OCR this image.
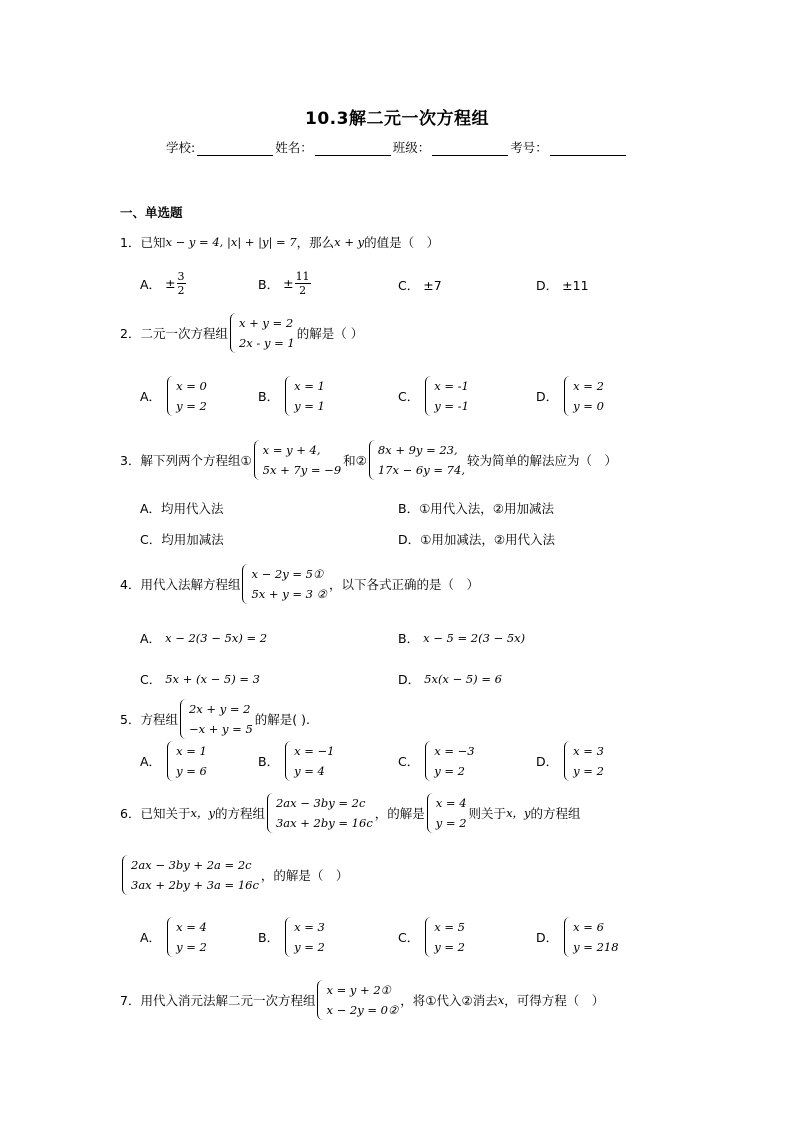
10.3解二元一次方程组
学校:	姓名：	班级：	考号：
一、单选题
1．已知 x − y = 4, |x| + |y| = 7 ，那么 x + y 的值是（　）
A． ± $\frac{3}{2}$	B． ± $\frac{11}{2}$	C． ±7	D． ±11
2．二元一次方程组
x + y = 2
2x - y = 1
的解是（ ）
A．
x = 0
y = 2
B．
x = 1
y = 1
C．
x = -1
y = -1
D．
x = 2
y = 0
3．解下列两个方程组①
x = y + 4,
5x + 7y = −9
和②
8x + 9y = 23,
17x − 6y = 74,
较为简单的解法应为（　）
A．均用代入法	B．①用代入法，②用加减法
C．均用加减法	D．①用加减法，②用代入法
4．用代入法解方程组
x − 2y = 5①
5x + y = 3 ②
，以下各式正确的是（　）
A． x − 2(3 − 5x) = 2	B． x − 5 = 2(3 − 5x)
C． 5x + (x − 5) = 3	D． 5x(x − 5) = 6
5．方程组
2x + y = 2
−x + y = 5
的解是( ).
A．
x = 1
y = 6
B．
x = −1
y = 4
C．
x = −3
y = 2
D．
x = 3
y = 2
6．已知关于 x，y 的方程组
2ax − 3by = 2c
3ax + 2by = 16c
，的解是
x = 4
y = 2
则关于 x，y 的方程组
2ax − 3by + 2a = 2c
3ax + 2by + 3a = 16c
，的解是（　）
A．
x = 4
y = 2
B．
x = 3
y = 2
C．
x = 5
y = 2
D．
x = 6
y = 218
7．用代入消元法解二元一次方程组
x = y + 2①
x − 2y = 0②
，将①代入②消去 x ，可得方程（　）
